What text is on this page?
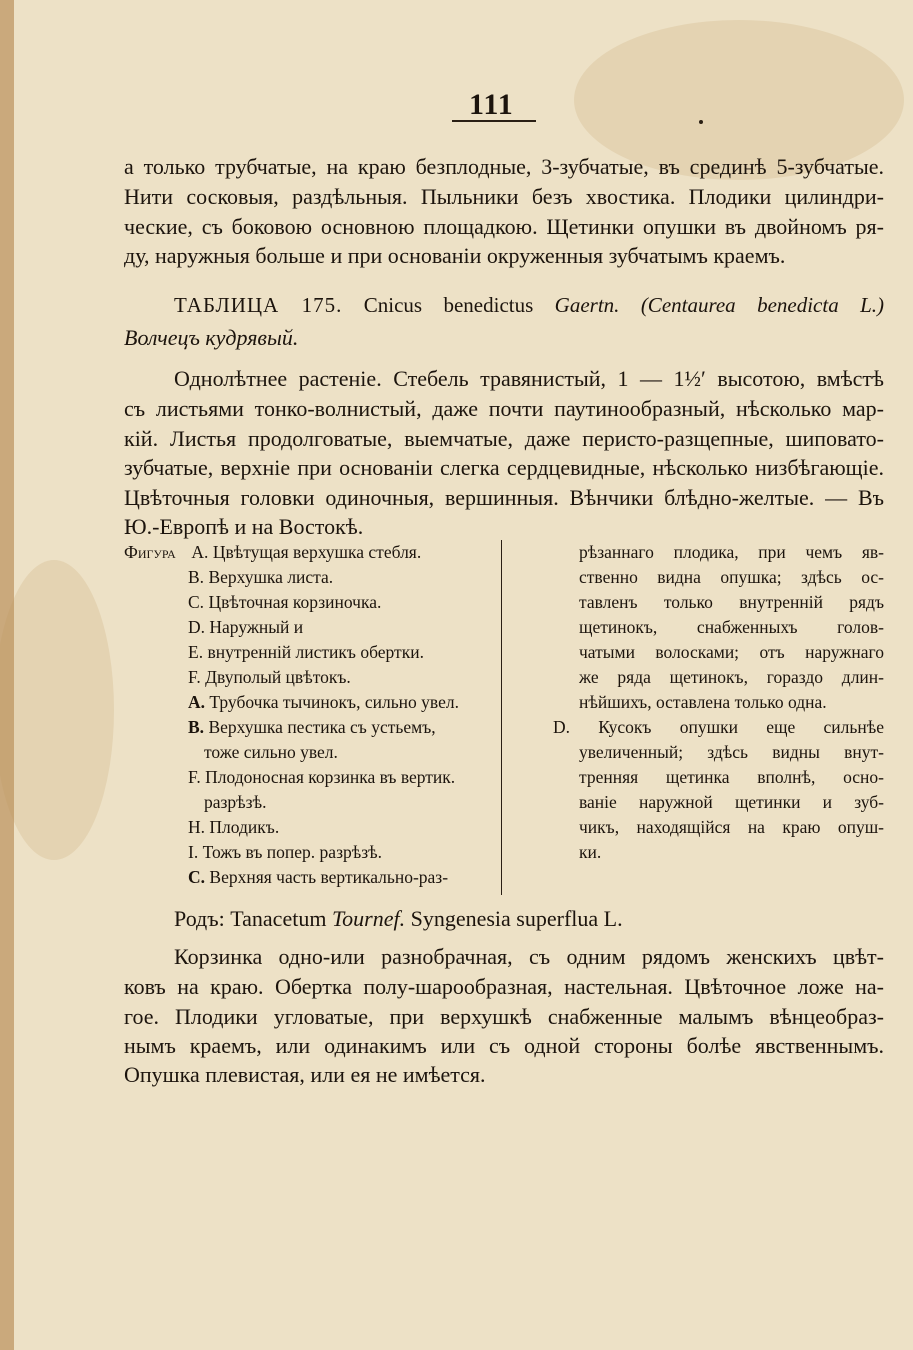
111
а только трубчатые, на краю безплодные, 3-зубчатые, въ срединѣ 5-зубчатые.
Нити сосковыя, раздѣльныя. Пыльники безъ хвостика. Плодики цилиндри-
ческие, съ боковою основною площадкою. Щетинки опушки въ двойномъ ря-
ду, наружныя больше и при основаніи окруженныя зубчатымъ краемъ.
ТАБЛИЦА 175. Cnicus benedictus Gaertn. (Centaurea benedicta L.)
Волчецъ кудрявый.
Однолѣтнее растеніе. Стебель травянистый, 1 — 1½′ высотою, вмѣстѣ
съ листьями тонко-волнистый, даже почти паутинообразный, нѣсколько мар-
кій. Листья продолговатые, выемчатые, даже перисто-разщепные, шиповато-
зубчатые, верхніе при основаніи слегка сердцевидные, нѣсколько низбѣгающіе.
Цвѣточныя головки одиночныя, вершинныя. Вѣнчики блѣдно-желтые. — Въ
Ю.-Европѣ и на Востокѣ.
Фигура A. Цвѣтущая верхушка стебля.
B. Верхушка листа.
C. Цвѣточная корзиночка.
D. Наружный и
E. внутренній листикъ обертки.
F. Двуполый цвѣтокъ.
A. Трубочка тычинокъ, сильно увел.
B. Верхушка пестика съ устьемъ,
тоже сильно увел.
F. Плодоносная корзинка въ вертик.
разрѣзѣ.
H. Плодикъ.
I. Тожъ въ попер. разрѣзѣ.
C. Верхняя часть вертикально-раз-
рѣзаннаго плодика, при чемъ яв-
ственно видна опушка; здѣсь ос-
тавленъ только внутренній рядъ
щетинокъ, снабженныхъ голов-
чатыми волосками; отъ наружнаго
же ряда щетинокъ, гораздо длин-
нѣйшихъ, оставлена только одна.
D. Кусокъ опушки еще сильнѣе
увеличенный; здѣсь видны внут-
тренняя щетинка вполнѣ, осно-
ваніе наружной щетинки и зуб-
чикъ, находящійся на краю опуш-
ки.
Родъ: Tanacetum Tournef. Syngenesia superflua L.
Корзинка одно-или разнобрачная, съ одним рядомъ женскихъ цвѣт-
ковъ на краю. Обертка полу-шарообразная, настельная. Цвѣточное ложе на-
гое. Плодики угловатые, при верхушкѣ снабженные малымъ вѣнцеобраз-
нымъ краемъ, или одинакимъ или съ одной стороны болѣе явственнымъ.
Опушка плевистая, или ея не имѣется.
